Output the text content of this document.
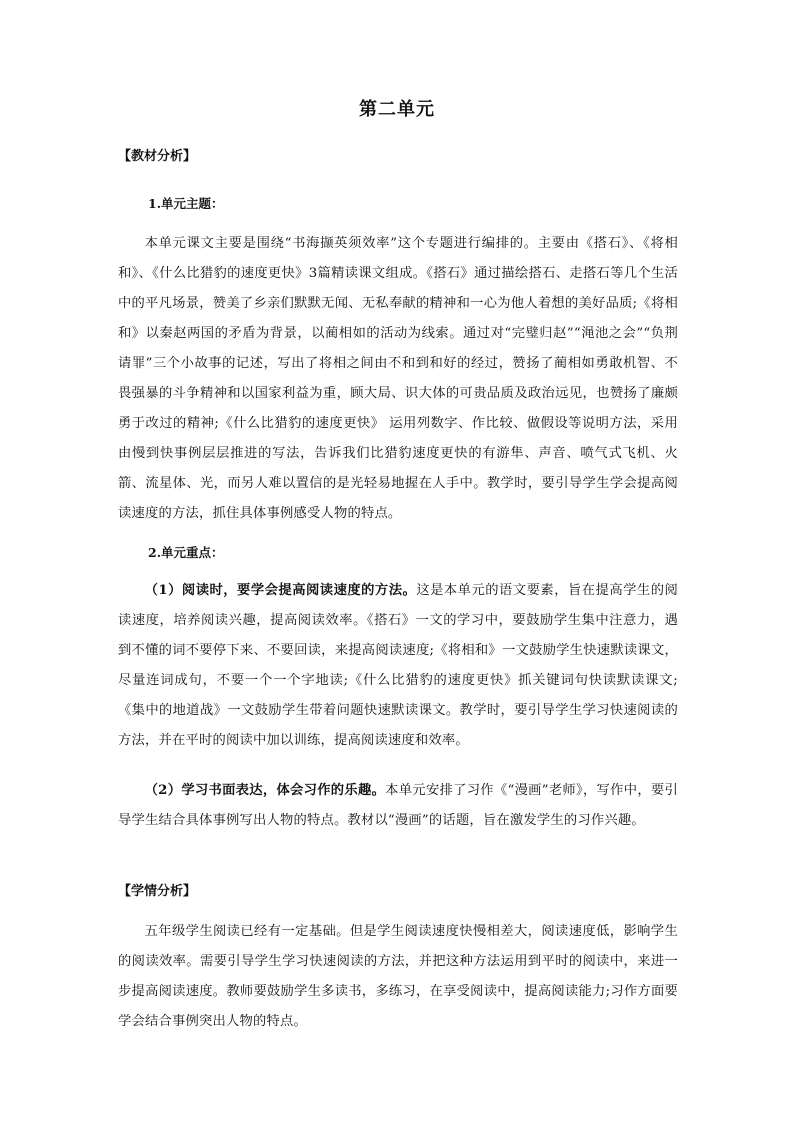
第二单元
【教材分析】
1.单元主题：
本单元课文主要是围绕“书海撷英须效率”这个专题进行编排的。主要由《搭石》、《将相和》、《什么比猎豹的速度更快》3篇精读课文组成。《搭石》通过描绘搭石、走搭石等几个生活中的平凡场景，赞美了乡亲们默默无闻、无私奉献的精神和一心为他人着想的美好品质;《将相和》以秦赵两国的矛盾为背景，以蔺相如的活动为线索。通过对“完璧归赵”“渑池之会”“负荆请罪”三个小故事的记述，写出了将相之间由不和到和好的经过，赞扬了蔺相如勇敢机智、不畏强暴的斗争精神和以国家利益为重，顾大局、识大体的可贵品质及政治远见，也赞扬了廉颇勇于改过的精神;《什么比猎豹的速度更快》 运用列数字、作比较、做假设等说明方法，采用由慢到快事例层层推进的写法，告诉我们比猎豹速度更快的有游隼、声音、喷气式飞机、火箭、流星体、光，而另人难以置信的是光轻易地握在人手中。教学时，要引导学生学会提高阅读速度的方法，抓住具体事例感受人物的特点。
2.单元重点：
（1）阅读时，要学会提高阅读速度的方法。这是本单元的语文要素，旨在提高学生的阅读速度，培养阅读兴趣，提高阅读效率。《搭石》一文的学习中，要鼓励学生集中注意力，遇到不懂的词不要停下来、不要回读，来提高阅读速度;《将相和》一文鼓励学生快速默读课文，尽量连词成句，不要一个一个字地读;《什么比猎豹的速度更快》抓关键词句快读默读课文;《集中的地道战》一文鼓励学生带着问题快速默读课文。教学时，要引导学生学习快速阅读的方法，并在平时的阅读中加以训练，提高阅读速度和效率。
（2）学习书面表达，体会习作的乐趣。本单元安排了习作《“漫画”老师》，写作中，要引导学生结合具体事例写出人物的特点。教材以“漫画”的话题，旨在激发学生的习作兴趣。
【学情分析】
五年级学生阅读已经有一定基础。但是学生阅读速度快慢相差大，阅读速度低，影响学生的阅读效率。需要引导学生学习快速阅读的方法，并把这种方法运用到平时的阅读中，来进一步提高阅读速度。教师要鼓励学生多读书，多练习，在享受阅读中，提高阅读能力;习作方面要学会结合事例突出人物的特点。
